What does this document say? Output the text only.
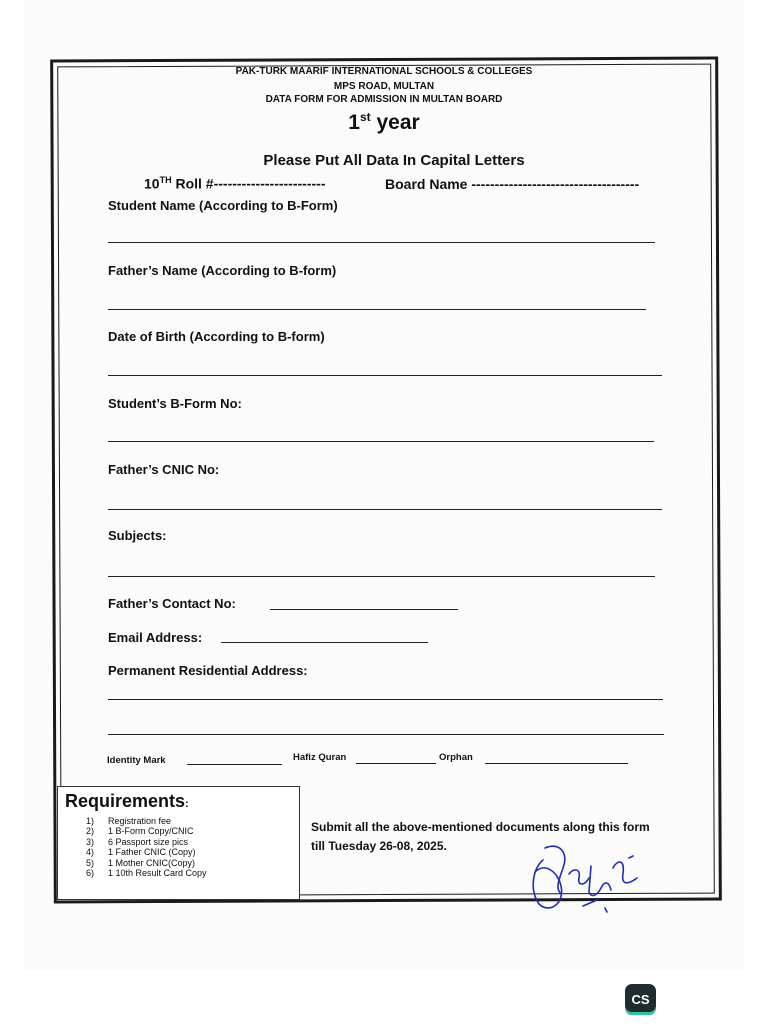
PAK-TURK MAARIF INTERNATIONAL SCHOOLS & COLLEGES
MPS ROAD, MULTAN
DATA FORM FOR ADMISSION IN MULTAN BOARD
1st year
Please Put All Data In Capital Letters
10TH Roll #------------------------	Board Name ------------------------------------
Student Name (According to B-Form)
Father’s Name (According to B-form)
Date of Birth (According to B-form)
Student’s B-Form No:
Father’s CNIC No:
Subjects:
Father’s Contact No:
Email Address:
Permanent Residential Address:
Identity Mark	Hafiz Quran	Orphan
Requirements:
1)	Registration fee
2)	1 B-Form Copy/CNIC
3)	6 Passport size pics
4)	1 Father CNIC (Copy)
5)	1 Mother CNIC(Copy)
6)	1 10th Result Card Copy
Submit all the above-mentioned documents along this form
till Tuesday 26-08, 2025.
CS
